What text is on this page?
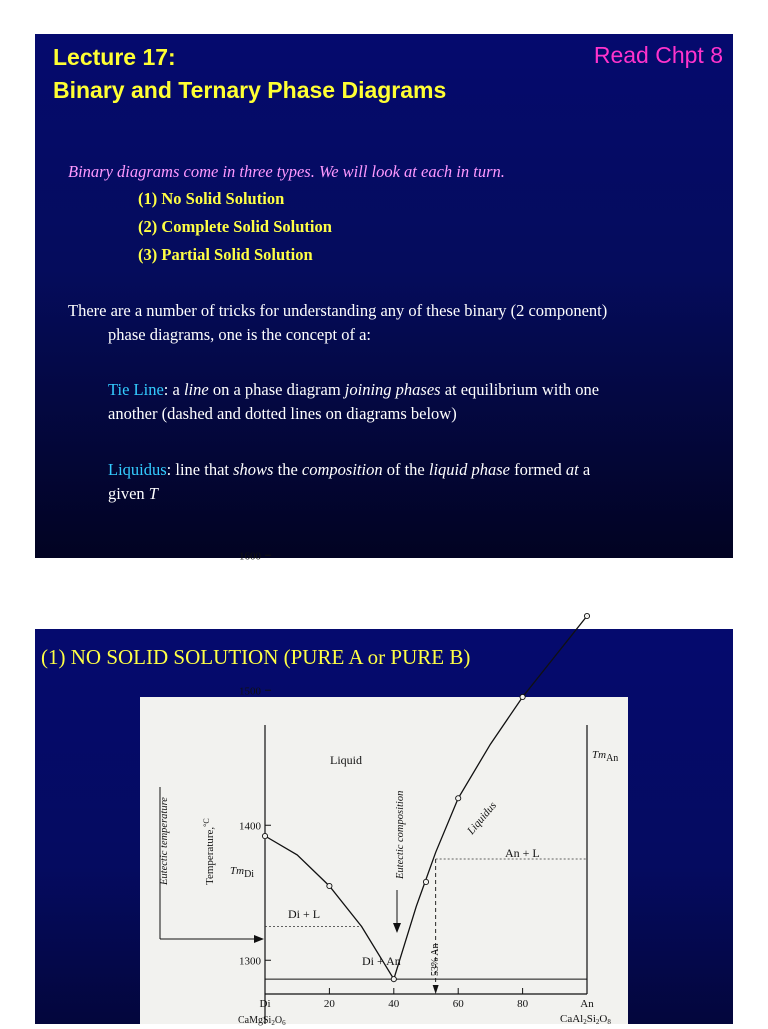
Lecture 17:
Binary and Ternary Phase Diagrams
Read Chpt 8
Binary diagrams come in three types. We will look at each in turn.
(1) No Solid Solution
(2) Complete Solid Solution
(3) Partial Solid Solution
There are a number of tricks for understanding any of these binary (2 component)
phase diagrams, one is the concept of a:
Tie Line: a line on a phase diagram joining phases at equilibrium with one
another (dashed and dotted lines on diagrams below)
Liquidus: line that shows the composition of the liquid phase formed at a
given T
(1) NO SOLID SOLUTION (PURE A or PURE B)
1600
1500
1400
1300
Di	20	40	60	80	An
Liquid
An + L
Di + L
Di + An
Liquidus
Eutectic composition
Eutectic temperature	Temperature,$^{^\circ C}$
53% An
TmDi
TmAn
$CaMgSi_2O_6$	CaAl2Si2O8
